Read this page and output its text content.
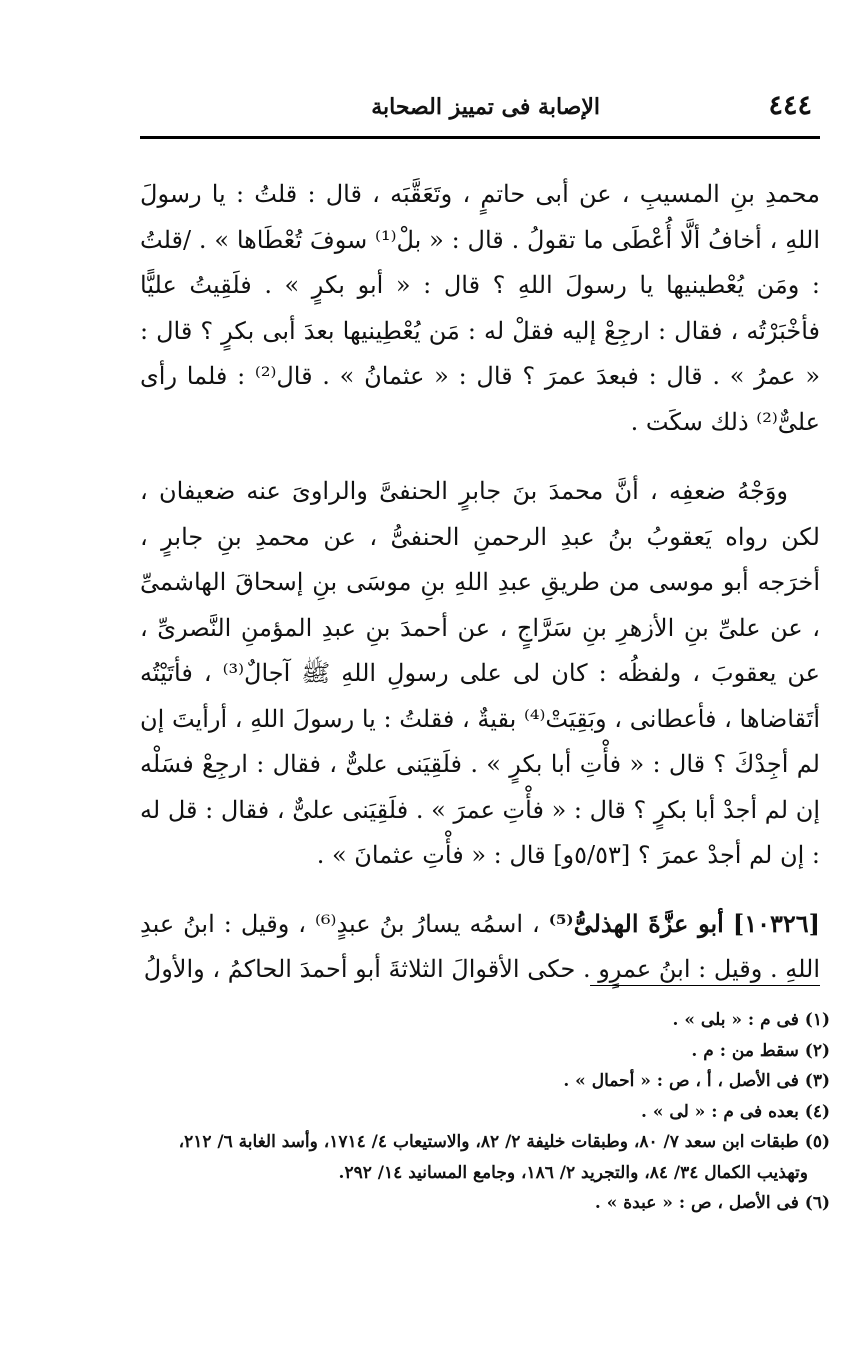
٤٤٤
الإصابة فى تمييز الصحابة

محمدِ بنِ المسيبِ ، عن أبى حاتمٍ ، وتَعَقَّبَه ، قال : قلتُ : يا رسولَ اللهِ ، أخافُ ألَّا أُعْطَى ما تقولُ . قال : « بلْ⁽¹⁾ سوفَ تُعْطَاها » . /قلتُ : ومَن يُعْطينيها يا رسولَ اللهِ ؟ قال : « أبو بكرٍ » . فلَقِيتُ عليًّا فأخْبَرْتُه ، فقال : ارجِعْ إليه فقلْ له : مَن يُعْطِينيها بعدَ أبى بكرٍ ؟ قال : « عمرُ » . قال : فبعدَ عمرَ ؟ قال : « عثمانُ » . قال⁽²⁾ : فلما رأى علىٌّ⁽²⁾ ذلك سكَت .

ووَجْهُ ضعفِه ، أنَّ محمدَ بنَ جابرٍ الحنفىَّ والراوىَ عنه ضعيفان ، لكن رواه يَعقوبُ بنُ عبدِ الرحمنِ الحنفىُّ ، عن محمدِ بنِ جابرٍ ، أخرَجه أبو موسى من طريقِ عبدِ اللهِ بنِ موسَى بنِ إسحاقَ الهاشمىِّ ، عن علىِّ بنِ الأزهرِ بنِ سَرَّاجٍ ، عن أحمدَ بنِ عبدِ المؤمنِ النَّصرىِّ ، عن يعقوبَ ، ولفظُه : كان لى على رسولِ اللهِ ﷺ آجالٌ⁽³⁾ ، فأتَيْتُه أتَقاضاها ، فأعطانى ، وبَقِيَتْ⁽⁴⁾ بقيةٌ ، فقلتُ : يا رسولَ اللهِ ، أرأيتَ إن لم أجِدْكَ ؟ قال : « فأْتِ أبا بكرٍ » . فلَقِيَنى علىٌّ ، فقال : ارجِعْ فسَلْه إن لم أجدْ أبا بكرٍ ؟ قال : « فأْتِ عمرَ » . فلَقِيَنى علىٌّ ، فقال : قل له : إن لم أجدْ عمرَ ؟ [٥/٥٣و] قال : « فأْتِ عثمانَ » .

[١٠٣٢٦] أبو عزَّةَ الهذلىُّ⁽⁵⁾ ، اسمُه يسارُ بنُ عبدٍ⁽⁶⁾ ، وقيل : ابنُ عبدِ اللهِ . وقيل : ابنُ عمرٍو . حكى الأقوالَ الثلاثةَ أبو أحمدَ الحاكمُ ، والأولُ

(١) فى م : « بلى » .
(٢) سقط من : م .
(٣) فى الأصل ، أ ، ص : « أحمال » .
(٤) بعده فى م : « لى » .
(٥) طبقات ابن سعد ٧/ ٨٠، وطبقات خليفة ٢/ ٨٢، والاستيعاب ٤/ ١٧١٤، وأسد الغابة ٦/ ٢١٢،
وتهذيب الكمال ٣٤/ ٨٤، والتجريد ٢/ ١٨٦، وجامع المسانيد ١٤/ ٢٩٢.
(٦) فى الأصل ، ص : « عبدة » .
